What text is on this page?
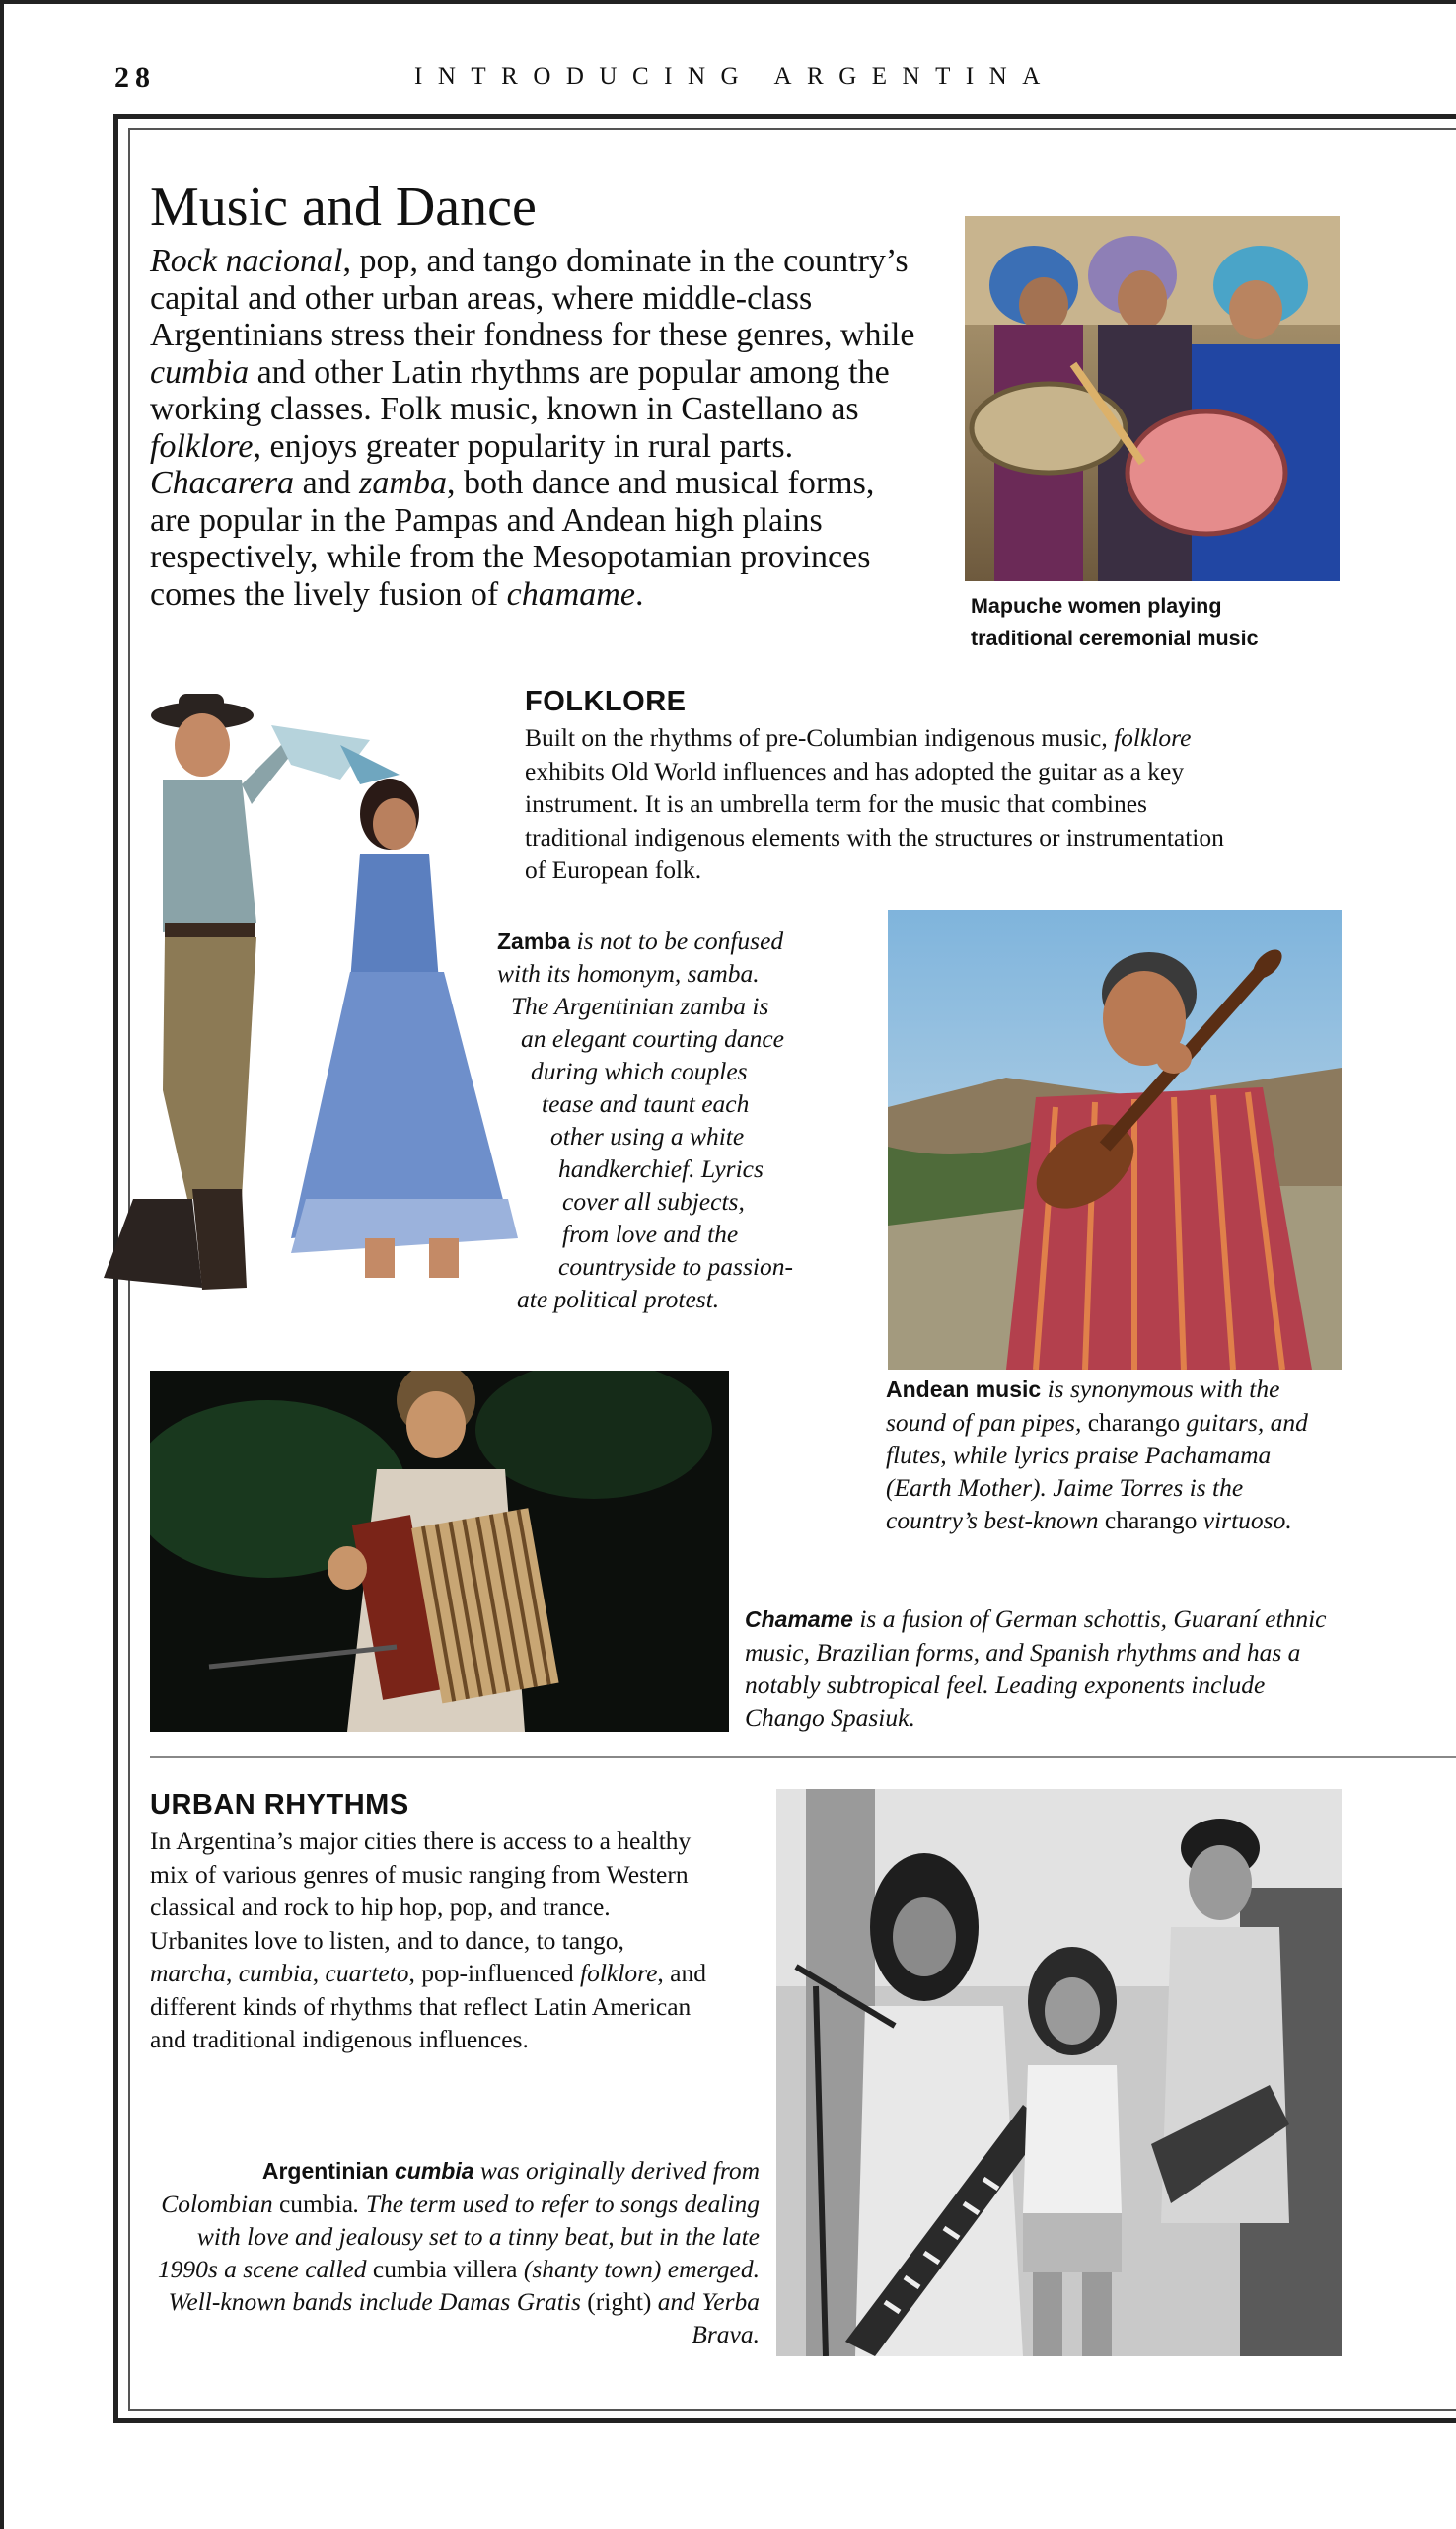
28	INTRODUCING ARGENTINA
Music and Dance

Rock nacional, pop, and tango dominate in the country’s capital and other urban areas, where middle-class Argentinians stress their fondness for these genres, while cumbia and other Latin rhythms are popular among the working classes. Folk music, known in Castellano as folklore, enjoys greater popularity in rural parts. Chacarera and zamba, both dance and musical forms, are popular in the Pampas and Andean high plains respectively, while from the Mesopotamian provinces comes the lively fusion of chamame.	Mapuche women playing
traditional ceremonial music
FOLKLORE

Built on the rhythms of pre-Columbian indigenous music, folklore exhibits Old World influences and has adopted the guitar as a key instrument. It is an umbrella term for the music that combines traditional indigenous elements with the structures or instrumentation of European folk.

Zamba is not to be confused
with its homonym, samba.
The Argentinian zamba is
an elegant courting dance
during which couples
tease and taunt each
other using a white
handkerchief. Lyrics
cover all subjects,
from love and the
countryside to passion-
ate political protest.

Andean music is synonymous with the sound of pan pipes, charango guitars, and flutes, while lyrics praise Pachamama (Earth Mother). Jaime Torres is the country’s best-known charango virtuoso.

Chamame is a fusion of German schottis, Guaraní ethnic music, Brazilian forms, and Spanish rhythms and has a notably subtropical feel. Leading exponents include Chango Spasiuk.

URBAN RHYTHMS

In Argentina’s major cities there is access to a healthy mix of various genres of music ranging from Western classical and rock to hip hop, pop, and trance. Urbanites love to listen, and to dance, to tango, marcha, cumbia, cuarteto, pop-influenced folklore, and different kinds of rhythms that reflect Latin American and traditional indigenous influences.

Argentinian cumbia was originally derived from Colombian cumbia. The term used to refer to songs dealing with love and jealousy set to a tinny beat, but in the late 1990s a scene called cumbia villera (shanty town) emerged. Well-known bands include Damas Gratis (right) and Yerba Brava.
